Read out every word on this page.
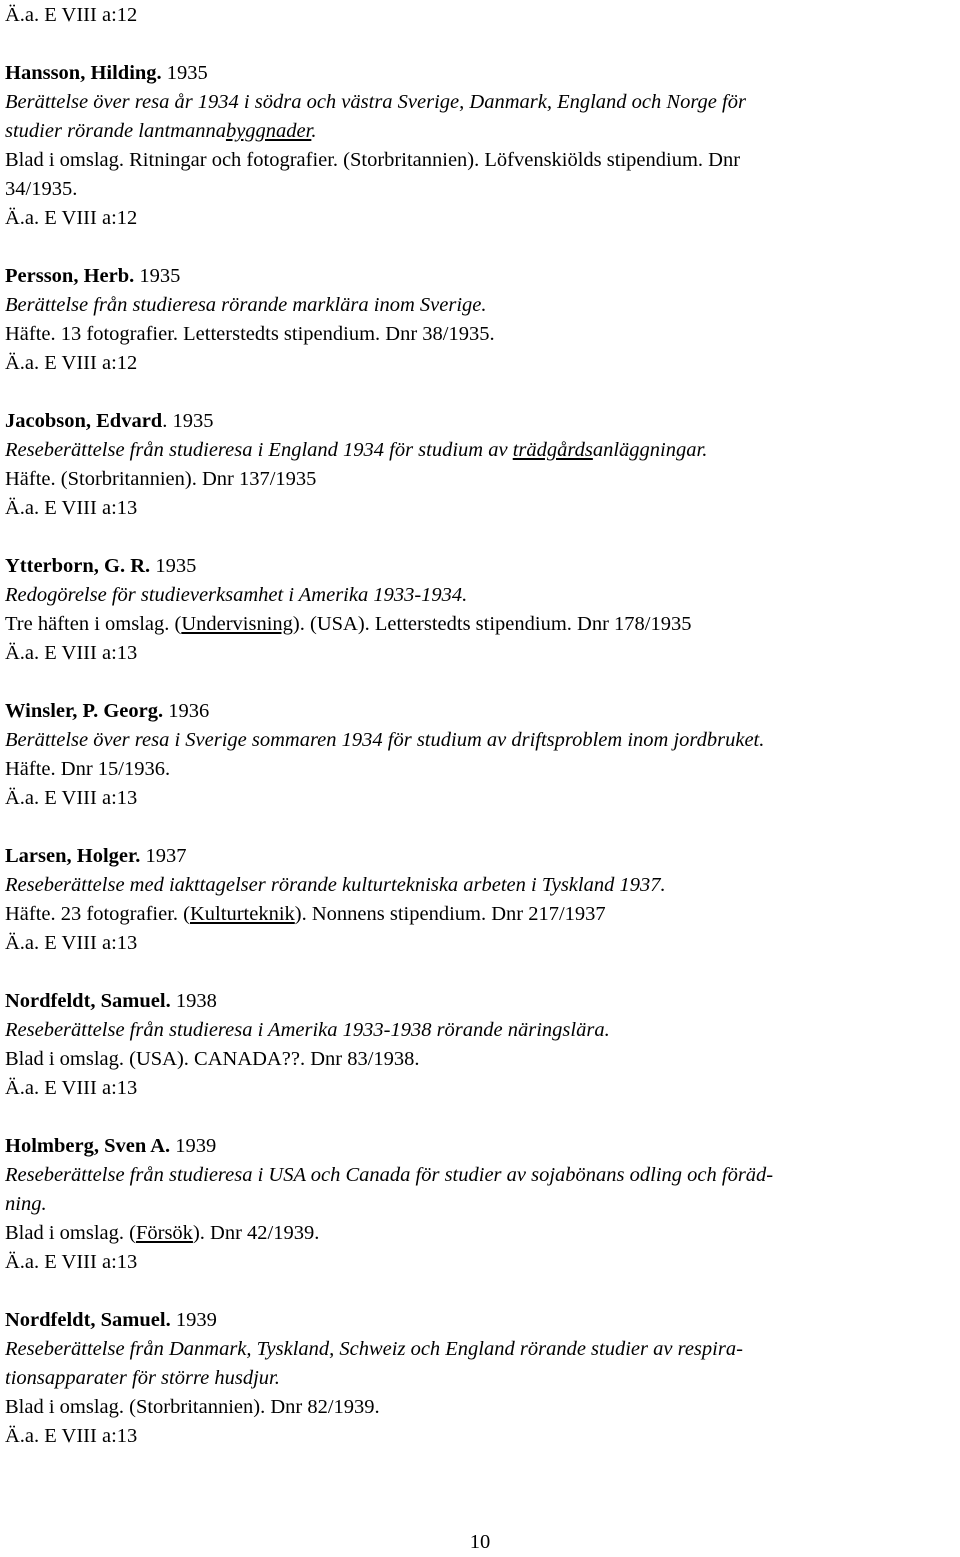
Ä.a. E VIII a:12
Hansson, Hilding. 1935
Berättelse över resa år 1934 i södra och västra Sverige, Danmark, England och Norge för
studier rörande lantmannabyggnader.
Blad i omslag. Ritningar och fotografier. (Storbritannien). Löfvenskiölds stipendium. Dnr
34/1935.
Ä.a. E VIII a:12
Persson, Herb. 1935
Berättelse från studieresa rörande marklära inom Sverige.
Häfte. 13 fotografier. Letterstedts stipendium. Dnr 38/1935.
Ä.a. E VIII a:12
Jacobson, Edvard. 1935
Reseberättelse från studieresa i England 1934 för studium av trädgårdsanläggningar.
Häfte. (Storbritannien). Dnr 137/1935
Ä.a. E VIII a:13
Ytterborn, G. R. 1935
Redogörelse för studieverksamhet i Amerika 1933-1934.
Tre häften i omslag. (Undervisning). (USA). Letterstedts stipendium. Dnr 178/1935
Ä.a. E VIII a:13
Winsler, P. Georg. 1936
Berättelse över resa i Sverige sommaren 1934 för studium av driftsproblem inom jordbruket.
Häfte. Dnr 15/1936.
Ä.a. E VIII a:13
Larsen, Holger. 1937
Reseberättelse med iakttagelser rörande kulturtekniska arbeten i Tyskland 1937.
Häfte. 23 fotografier. (Kulturteknik). Nonnens stipendium. Dnr 217/1937
Ä.a. E VIII a:13
Nordfeldt, Samuel. 1938
Reseberättelse från studieresa i Amerika 1933-1938 rörande näringslära.
Blad i omslag. (USA). CANADA??. Dnr 83/1938.
Ä.a. E VIII a:13
Holmberg, Sven A. 1939
Reseberättelse från studieresa i USA och Canada för studier av sojabönans odling och föräd-
ning.
Blad i omslag. (Försök). Dnr 42/1939.
Ä.a. E VIII a:13
Nordfeldt, Samuel. 1939
Reseberättelse från Danmark, Tyskland, Schweiz och England rörande studier av respira-
tionsapparater för större husdjur.
Blad i omslag. (Storbritannien). Dnr 82/1939.
Ä.a. E VIII a:13
10
